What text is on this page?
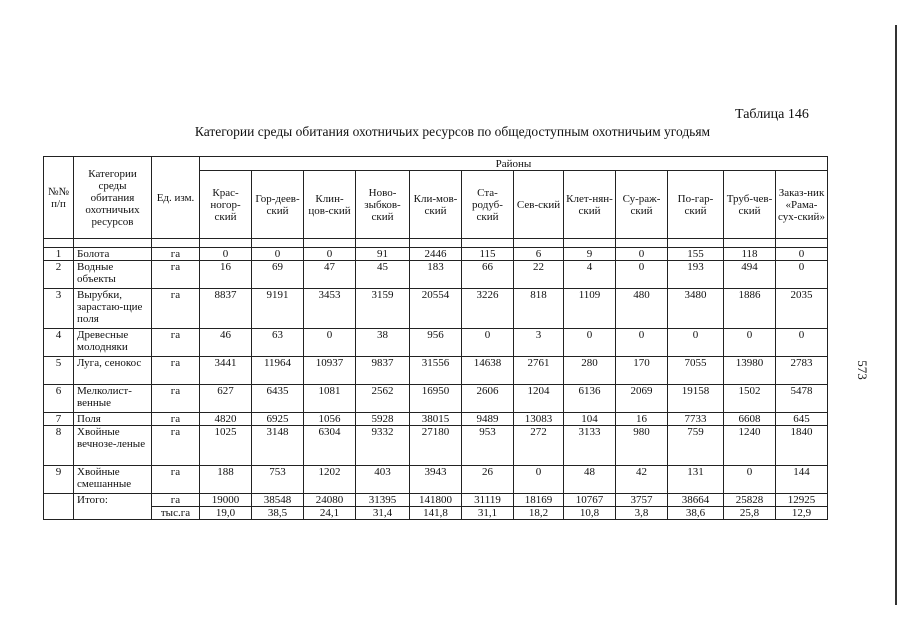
Таблица 146
Категории среды обитания охотничьих ресурсов по общедоступным охотничьим угодьям
573
№№ п/п	Категории среды обитания охотничьих ресурсов	Ед. изм.	Районы											
			Крас-ногор-ский	Гор-деев-ский	Клин-цов-ский	Ново-зыбков-ский	Кли-мов-ский	Ста-родуб-ский	Сев-ский	Клет-нян-ский	Су-раж-ский	По-гар-ский	Труб-чев-ский	Заказ-ник «Рама-сух-ский»

1	Болота	га	0	0	0	91	2446	115	6	9	0	155	118	0
2	Водные объекты	га	16	69	47	45	183	66	22	4	0	193	494	0
3	Вырубки, зарастаю-щие поля	га	8837	9191	3453	3159	20554	3226	818	1109	480	3480	1886	2035
4	Древесные молодняки	га	46	63	0	38	956	0	3	0	0	0	0	0
5	Луга, сенокос	га	3441	11964	10937	9837	31556	14638	2761	280	170	7055	13980	2783
6	Мелколист-венные	га	627	6435	1081	2562	16950	2606	1204	6136	2069	19158	1502	5478
7	Поля	га	4820	6925	1056	5928	38015	9489	13083	104	16	7733	6608	645
8	Хвойные вечнозе-леные	га	1025	3148	6304	9332	27180	953	272	3133	980	759	1240	1840
9	Хвойные смешанные	га	188	753	1202	403	3943	26	0	48	42	131	0	144
	Итого:	га	19000	38548	24080	31395	141800	31119	18169	10767	3757	38664	25828	12925
		тыс.га	19,0	38,5	24,1	31,4	141,8	31,1	18,2	10,8	3,8	38,6	25,8	12,9
